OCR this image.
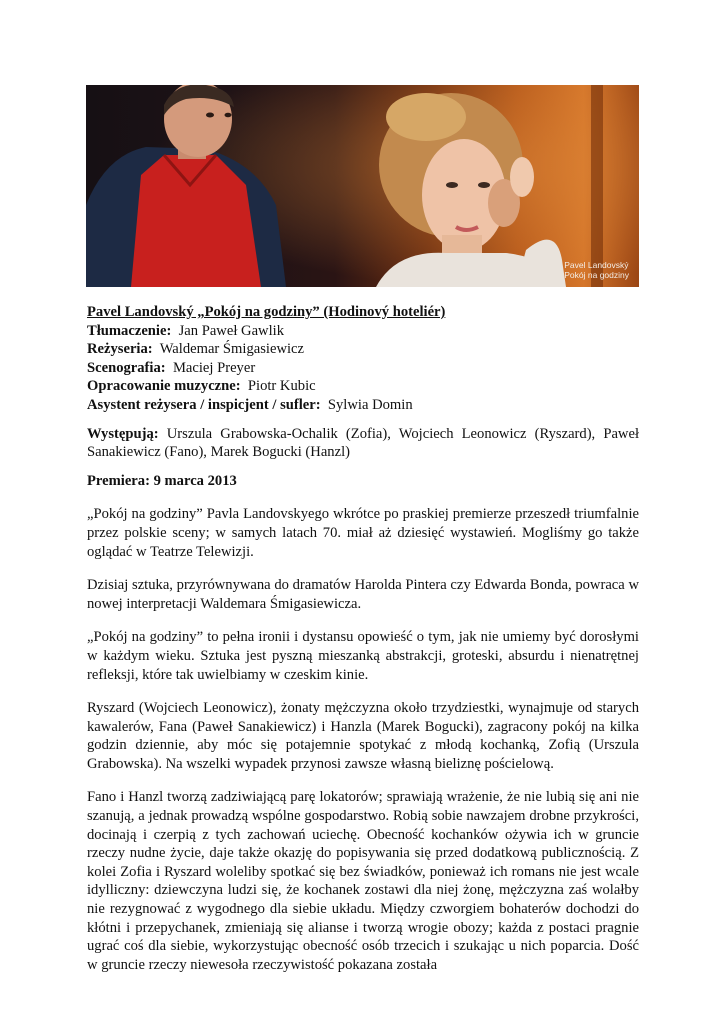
Pavel Landovský
Pokój na godziny
Pavel Landovský „Pokój na godziny” (Hodinový hoteliér)
Tłumaczenie: Jan Paweł Gawlik
Reżyseria: Waldemar Śmigasiewicz
Scenografia: Maciej Preyer
Opracowanie muzyczne: Piotr Kubic
Asystent reżysera / inspicjent / sufler: Sylwia Domin

Występują: Urszula Grabowska-Ochalik (Zofia), Wojciech Leonowicz (Ryszard), Paweł Sanakiewicz (Fano), Marek Bogucki (Hanzl)

Premiera: 9 marca 2013

„Pokój na godziny” Pavla Landovskyego wkrótce po praskiej premierze przeszedł triumfalnie przez polskie sceny; w samych latach 70. miał aż dziesięć wystawień. Mogliśmy go także oglądać w Teatrze Telewizji.

Dzisiaj sztuka, przyrównywana do dramatów Harolda Pintera czy Edwarda Bonda, powraca w nowej interpretacji Waldemara Śmigasiewicza.

„Pokój na godziny” to pełna ironii i dystansu opowieść o tym, jak nie umiemy być dorosłymi w każdym wieku. Sztuka jest pyszną mieszanką abstrakcji, groteski, absurdu i nienatrętnej refleksji, które tak uwielbiamy w czeskim kinie.

Ryszard (Wojciech Leonowicz), żonaty mężczyzna około trzydziestki, wynajmuje od starych kawalerów, Fana (Paweł Sanakiewicz) i Hanzla (Marek Bogucki), zagracony pokój na kilka godzin dziennie, aby móc się potajemnie spotykać z młodą kochanką, Zofią (Urszula Grabowska). Na wszelki wypadek przynosi zawsze własną bieliznę pościelową.

Fano i Hanzl tworzą zadziwiającą parę lokatorów; sprawiają wrażenie, że nie lubią się ani nie szanują, a jednak prowadzą wspólne gospodarstwo. Robią sobie nawzajem drobne przykrości, docinają i czerpią z tych zachowań uciechę. Obecność kochanków ożywia ich w gruncie rzeczy nudne życie, daje także okazję do popisywania się przed dodatkową publicznością. Z kolei Zofia i Ryszard woleliby spotkać się bez świadków, ponieważ ich romans nie jest wcale idylliczny: dziewczyna ludzi się, że kochanek zostawi dla niej żonę, mężczyzna zaś wolałby nie rezygnować z wygodnego dla siebie układu. Między czworgiem bohaterów dochodzi do kłótni i przepychanek, zmieniają się alianse i tworzą wrogie obozy; każda z postaci pragnie ugrać coś dla siebie, wykorzystując obecność osób trzecich i szukając u nich poparcia. Dość w gruncie rzeczy niewesoła rzeczywistość pokazana została
